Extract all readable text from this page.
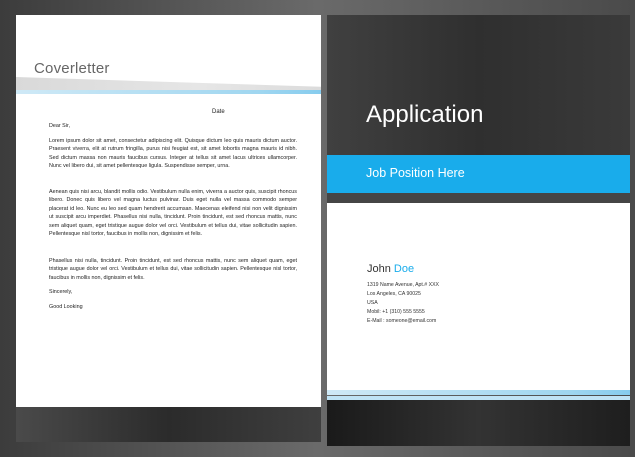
Coverletter
Date
Dear Sir,
Lorem ipsum dolor sit amet, consectetur adipiscing elit. Quisque dictum leo quis mauris dictum auctor. Praesent viverra, elit at rutrum fringilla, purus nisi feugiat est, sit amet lobortis magna mauris id nibh. Sed dictum massa non mauris faucibus cursus. Integer at tellus sit amet lacus ultrices ullamcorper. Nunc vel libero dui, sit amet pellentesque ligula. Suspendisse semper, urna.
Aenean quis nisi arcu, blandit mollis odio. Vestibulum nulla enim, viverra a auctor quis, suscipit rhoncus libero. Donec quis libero vel magna luctus pulvinar. Duis eget nulla vel massa commodo semper placerat id leo. Nunc eu leo sed quam hendrerit accumsan. Maecenas eleifend nisi non velit dignissim ut suscipit arcu imperdiet. Phasellus nisi nulla, tincidunt. Proin tincidunt, est sed rhoncus mattis, nunc sem aliquet quam, eget tristique augue dolor vel orci. Vestibulum et tellus dui, vitae sollicitudin sapien. Pellentesque nisl tortor, faucibus in mollis non, dignissim et felis.
Phasellus nisi nulla, tincidunt. Proin tincidunt, est sed rhoncus mattis, nunc sem aliquet quam, eget tristique augue dolor vel orci. Vestibulum et tellus dui, vitae sollicitudin sapien. Pellentesque nisl tortor, faucibus in mollis non, dignissim et felis.
Sincerely,
Good Looking
Application
Job Position Here
John Doe
1319 Name Avenue, Apt.# XXX
Los Angeles, CA 90025
USA
Mobil: +1 (310) 555 5555
E-Mail : someone@email.com
